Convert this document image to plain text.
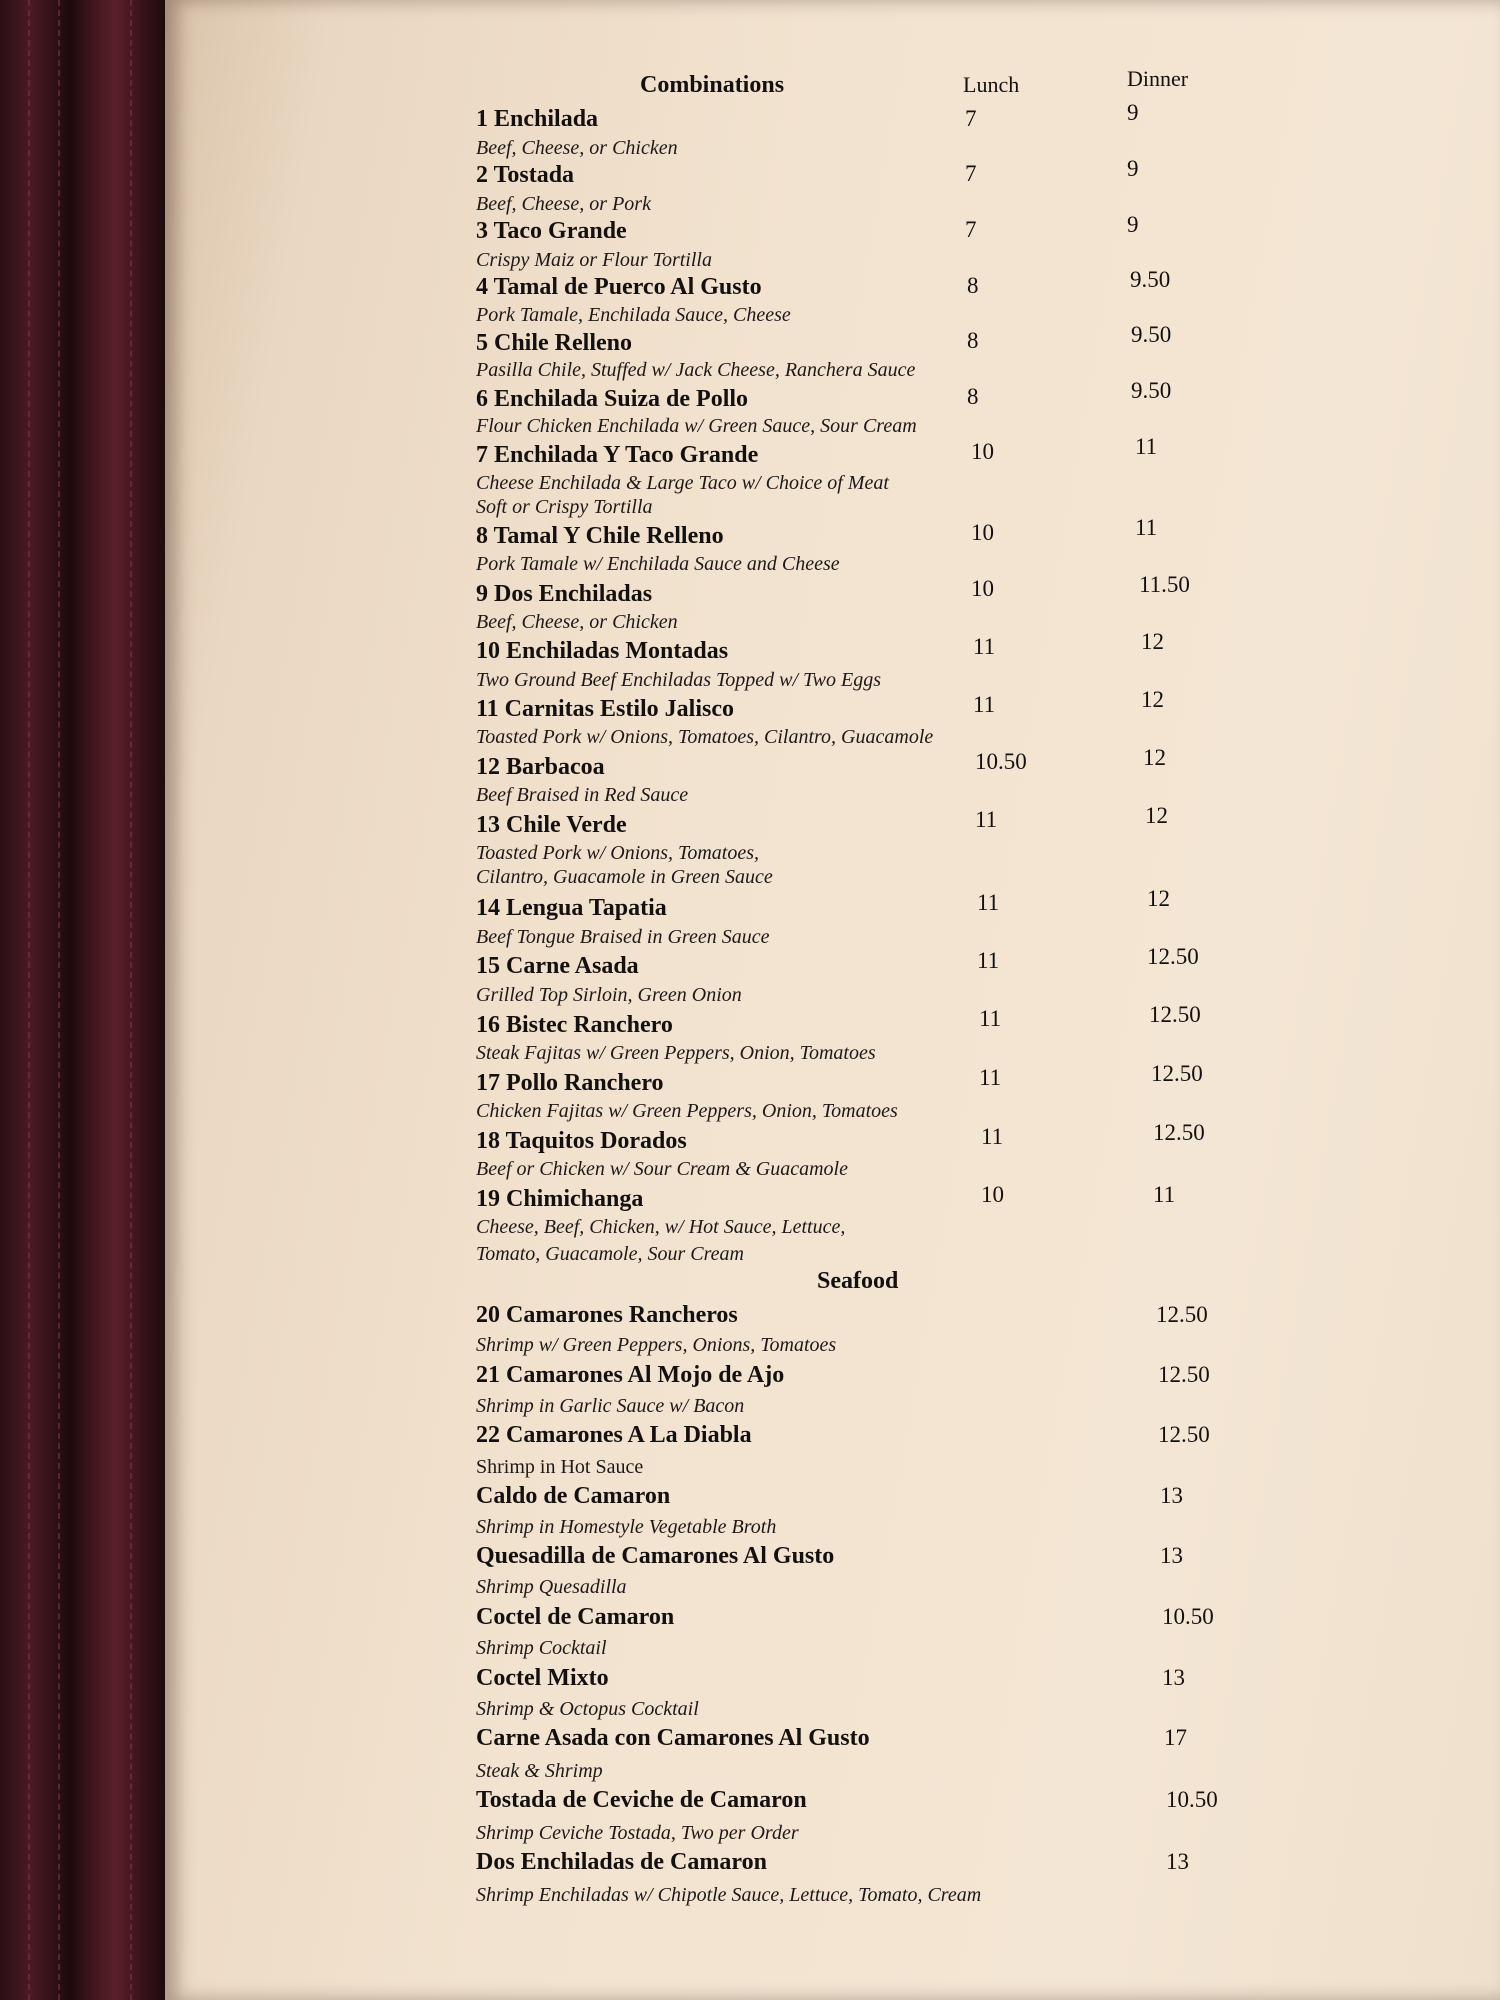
Combinations	Lunch	Dinner
1 Enchilada	7	9
Beef, Cheese, or Chicken
2 Tostada	7	9
Beef, Cheese, or Pork
3 Taco Grande	7	9
Crispy Maiz or Flour Tortilla
4 Tamal de Puerco Al Gusto	8	9.50
Pork Tamale, Enchilada Sauce, Cheese
5 Chile Relleno	8	9.50
Pasilla Chile, Stuffed w/ Jack Cheese, Ranchera Sauce
6 Enchilada Suiza de Pollo	8	9.50
Flour Chicken Enchilada w/ Green Sauce, Sour Cream
7 Enchilada Y Taco Grande	10	11
Cheese Enchilada & Large Taco w/ Choice of Meat
Soft or Crispy Tortilla
8 Tamal Y Chile Relleno	10	11
Pork Tamale w/ Enchilada Sauce and Cheese
9 Dos Enchiladas	10	11.50
Beef, Cheese, or Chicken
10 Enchiladas Montadas	11	12
Two Ground Beef Enchiladas Topped w/ Two Eggs
11 Carnitas Estilo Jalisco	11	12
Toasted Pork w/ Onions, Tomatoes, Cilantro, Guacamole
12 Barbacoa	10.50	12
Beef Braised in Red Sauce
13 Chile Verde	11	12
Toasted Pork w/ Onions, Tomatoes,
Cilantro, Guacamole in Green Sauce
14 Lengua Tapatia	11	12
Beef Tongue Braised in Green Sauce
15 Carne Asada	11	12.50
Grilled Top Sirloin, Green Onion
16 Bistec Ranchero	11	12.50
Steak Fajitas w/ Green Peppers, Onion, Tomatoes
17 Pollo Ranchero	11	12.50
Chicken Fajitas w/ Green Peppers, Onion, Tomatoes
18 Taquitos Dorados	11	12.50
Beef or Chicken w/ Sour Cream & Guacamole
19 Chimichanga	10	11
Cheese, Beef, Chicken, w/ Hot Sauce, Lettuce,
Tomato, Guacamole, Sour Cream
Seafood
20 Camarones Rancheros	12.50
Shrimp w/ Green Peppers, Onions, Tomatoes
21 Camarones Al Mojo de Ajo	12.50
Shrimp in Garlic Sauce w/ Bacon
22 Camarones A La Diabla	12.50
Shrimp in Hot Sauce
Caldo de Camaron	13
Shrimp in Homestyle Vegetable Broth
Quesadilla de Camarones Al Gusto	13
Shrimp Quesadilla
Coctel de Camaron	10.50
Shrimp Cocktail
Coctel Mixto	13
Shrimp & Octopus Cocktail
Carne Asada con Camarones Al Gusto	17
Steak & Shrimp
Tostada de Ceviche de Camaron	10.50
Shrimp Ceviche Tostada, Two per Order
Dos Enchiladas de Camaron	13
Shrimp Enchiladas w/ Chipotle Sauce, Lettuce, Tomato, Cream
